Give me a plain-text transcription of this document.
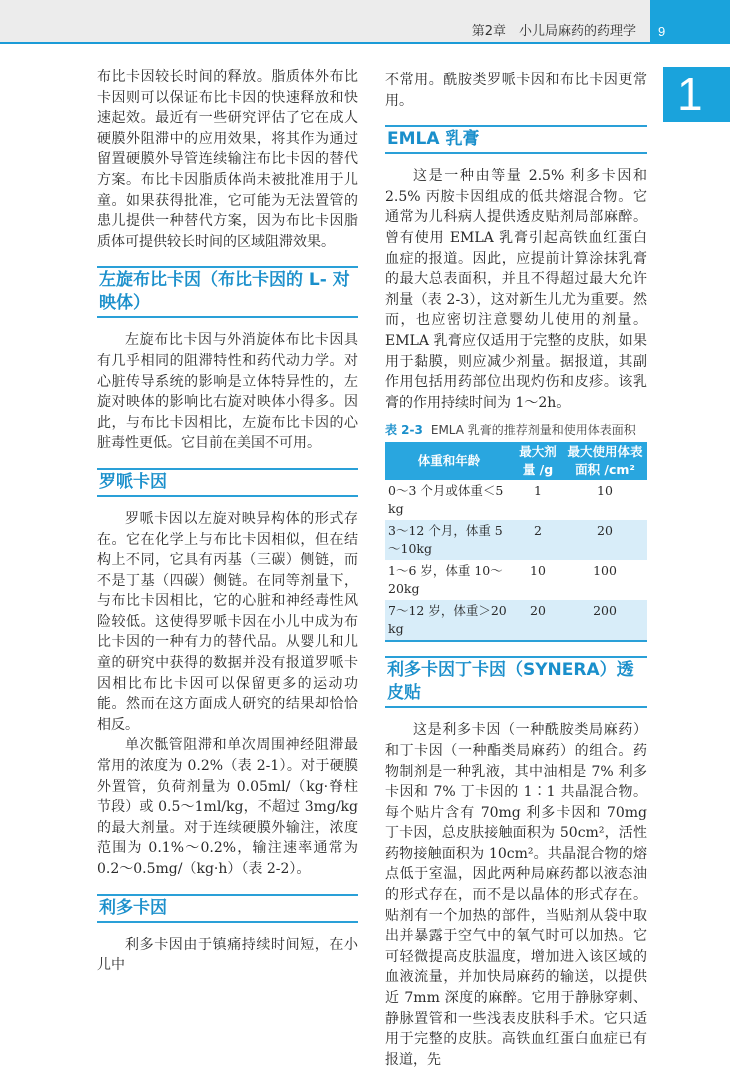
第2章　小儿局麻药的药理学 9
1

布比卡因较长时间的释放。脂质体外布比卡因则可以保证布比卡因的快速释放和快速起效。最近有一些研究评估了它在成人硬膜外阻滞中的应用效果，将其作为通过留置硬膜外导管连续输注布比卡因的替代方案。布比卡因脂质体尚未被批准用于儿童。如果获得批准，它可能为无法置管的患儿提供一种替代方案，因为布比卡因脂质体可提供较长时间的区域阻滞效果。

左旋布比卡因（布比卡因的 L- 对映体）

左旋布比卡因与外消旋体布比卡因具有几乎相同的阻滞特性和药代动力学。对心脏传导系统的影响是立体特异性的，左旋对映体的影响比右旋对映体小得多。因此，与布比卡因相比，左旋布比卡因的心脏毒性更低。它目前在美国不可用。

罗哌卡因

罗哌卡因以左旋对映异构体的形式存在。它在化学上与布比卡因相似，但在结构上不同，它具有丙基（三碳）侧链，而不是丁基（四碳）侧链。在同等剂量下，与布比卡因相比，它的心脏和神经毒性风险较低。这使得罗哌卡因在小儿中成为布比卡因的一种有力的替代品。从婴儿和儿童的研究中获得的数据并没有报道罗哌卡因相比布比卡因可以保留更多的运动功能。然而在这方面成人研究的结果却恰恰相反。

单次骶管阻滞和单次周围神经阻滞最常用的浓度为 0.2%（表 2-1）。对于硬膜外置管，负荷剂量为 0.05ml/（kg·脊柱节段）或 0.5～1ml/kg，不超过 3mg/kg 的最大剂量。对于连续硬膜外输注，浓度范围为 0.1%～0.2%，输注速率通常为 0.2～0.5mg/（kg·h）（表 2-2）。

利多卡因

利多卡因由于镇痛持续时间短，在小儿中

不常用。酰胺类罗哌卡因和布比卡因更常用。

EMLA 乳膏

这是一种由等量 2.5% 利多卡因和 2.5% 丙胺卡因组成的低共熔混合物。它通常为儿科病人提供透皮贴剂局部麻醉。曾有使用 EMLA 乳膏引起高铁血红蛋白血症的报道。因此，应提前计算涂抹乳膏的最大总表面积，并且不得超过最大允许剂量（表 2-3），这对新生儿尤为重要。然而，也应密切注意婴幼儿使用的剂量。EMLA 乳膏应仅适用于完整的皮肤，如果用于黏膜，则应减少剂量。据报道，其副作用包括用药部位出现灼伤和皮疹。该乳膏的作用持续时间为 1～2h。

表 2-3 EMLA 乳膏的推荐剂量和使用体表面积
体重和年龄	最大剂量 /g	最大使用体表面积 /cm²
0～3 个月或体重＜5kg	1	10
3～12 个月，体重 5～10kg	2	20
1～6 岁，体重 10～20kg	10	100
7～12 岁，体重＞20kg	20	200
利多卡因丁卡因（SYNERA）透皮贴

这是利多卡因（一种酰胺类局麻药）和丁卡因（一种酯类局麻药）的组合。药物制剂是一种乳液，其中油相是 7% 利多卡因和 7% 丁卡因的 1∶1 共晶混合物。每个贴片含有 70mg 利多卡因和 70mg 丁卡因，总皮肤接触面积为 50cm²，活性药物接触面积为 10cm²。共晶混合物的熔点低于室温，因此两种局麻药都以液态油的形式存在，而不是以晶体的形式存在。贴剂有一个加热的部件，当贴剂从袋中取出并暴露于空气中的氧气时可以加热。它可轻微提高皮肤温度，增加进入该区域的血液流量，并加快局麻药的输送，以提供近 7mm 深度的麻醉。它用于静脉穿刺、静脉置管和一些浅表皮肤科手术。它只适用于完整的皮肤。高铁血红蛋白血症已有报道，先
